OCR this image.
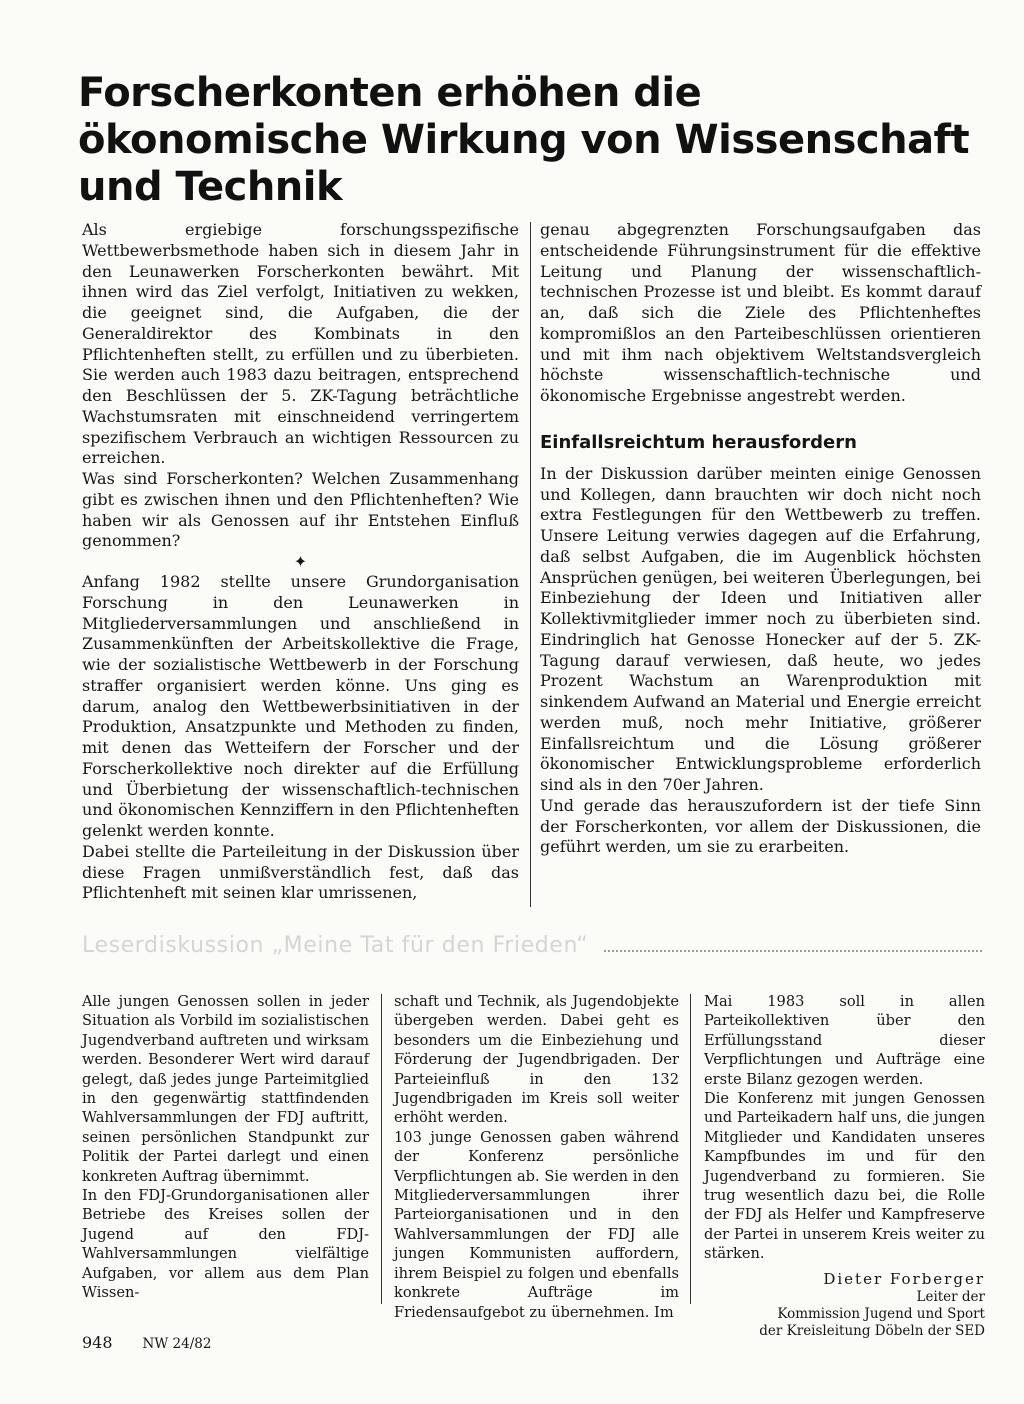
Forscherkonten erhöhen die ökonomische Wirkung von Wissenschaft und Technik

Als ergiebige forschungsspezifische Wettbewerbsmethode haben sich in diesem Jahr in den Leunawerken Forscherkonten bewährt. Mit ihnen wird das Ziel verfolgt, Initiativen zu wekken, die geeignet sind, die Aufgaben, die der Generaldirektor des Kombinats in den Pflichtenheften stellt, zu erfüllen und zu überbieten. Sie werden auch 1983 dazu beitragen, entsprechend den Beschlüssen der 5. ZK-Tagung beträchtliche Wachstumsraten mit einschneidend verringertem spezifischem Verbrauch an wichtigen Ressourcen zu erreichen.

Was sind Forscherkonten? Welchen Zusammenhang gibt es zwischen ihnen und den Pflichtenheften? Wie haben wir als Genossen auf ihr Entstehen Einfluß genommen?

✦

Anfang 1982 stellte unsere Grundorganisation Forschung in den Leunawerken in Mitgliederversammlungen und anschließend in Zusammenkünften der Arbeitskollektive die Frage, wie der sozialistische Wettbewerb in der Forschung straffer organisiert werden könne. Uns ging es darum, analog den Wettbewerbsinitiativen in der Produktion, Ansatzpunkte und Methoden zu finden, mit denen das Wetteifern der Forscher und der Forscherkollektive noch direkter auf die Erfüllung und Überbietung der wissenschaftlich-technischen und ökonomischen Kennziffern in den Pflichtenheften gelenkt werden konnte.

Dabei stellte die Parteileitung in der Diskussion über diese Fragen unmißverständlich fest, daß das Pflichtenheft mit seinen klar umrissenen,

genau abgegrenzten Forschungsaufgaben das entscheidende Führungsinstrument für die effektive Leitung und Planung der wissenschaftlich-technischen Prozesse ist und bleibt. Es kommt darauf an, daß sich die Ziele des Pflichtenheftes kompromißlos an den Parteibeschlüssen orientieren und mit ihm nach objektivem Weltstandsvergleich höchste wissenschaftlich-technische und ökonomische Ergebnisse angestrebt werden.

Einfallsreichtum herausfordern

In der Diskussion darüber meinten einige Genossen und Kollegen, dann brauchten wir doch nicht noch extra Festlegungen für den Wettbewerb zu treffen. Unsere Leitung verwies dagegen auf die Erfahrung, daß selbst Aufgaben, die im Augenblick höchsten Ansprüchen genügen, bei weiteren Überlegungen, bei Einbeziehung der Ideen und Initiativen aller Kollektivmitglieder immer noch zu überbieten sind. Eindringlich hat Genosse Honecker auf der 5. ZK-Tagung darauf verwiesen, daß heute, wo jedes Prozent Wachstum an Warenproduktion mit sinkendem Aufwand an Material und Energie erreicht werden muß, noch mehr Initiative, größerer Einfallsreichtum und die Lösung größerer ökonomischer Entwicklungsprobleme erforderlich sind als in den 70er Jahren.

Und gerade das herauszufordern ist der tiefe Sinn der Forscherkonten, vor allem der Diskussionen, die geführt werden, um sie zu erarbeiten.

Leserdiskussion „Meine Tat für den Frieden“

Alle jungen Genossen sollen in jeder Situation als Vorbild im sozialistischen Jugendverband auftreten und wirksam werden. Besonderer Wert wird darauf gelegt, daß jedes junge Parteimitglied in den gegenwärtig stattfindenden Wahlversammlungen der FDJ auftritt, seinen persönlichen Standpunkt zur Politik der Partei darlegt und einen konkreten Auftrag übernimmt.

In den FDJ-Grundorganisationen aller Betriebe des Kreises sollen der Jugend auf den FDJ-Wahlversammlungen vielfältige Aufgaben, vor allem aus dem Plan Wissen-

schaft und Technik, als Jugendobjekte übergeben werden. Dabei geht es besonders um die Einbeziehung und Förderung der Jugendbrigaden. Der Parteieinfluß in den 132 Jugendbrigaden im Kreis soll weiter erhöht werden.

103 junge Genossen gaben während der Konferenz persönliche Verpflichtungen ab. Sie werden in den Mitgliederversammlungen ihrer Parteiorganisationen und in den Wahlversammlungen der FDJ alle jungen Kommunisten auffordern, ihrem Beispiel zu folgen und ebenfalls konkrete Aufträge im Friedensaufgebot zu übernehmen. Im

Mai 1983 soll in allen Parteikollektiven über den Erfüllungsstand dieser Verpflichtungen und Aufträge eine erste Bilanz gezogen werden.

Die Konferenz mit jungen Genossen und Parteikadern half uns, die jungen Mitglieder und Kandidaten unseres Kampfbundes im und für den Jugendverband zu formieren. Sie trug wesentlich dazu bei, die Rolle der FDJ als Helfer und Kampfreserve der Partei in unserem Kreis weiter zu stärken.

Dieter Forberger
Leiter der
Kommission Jugend und Sport
der Kreisleitung Döbeln der SED
948 NW 24/82
